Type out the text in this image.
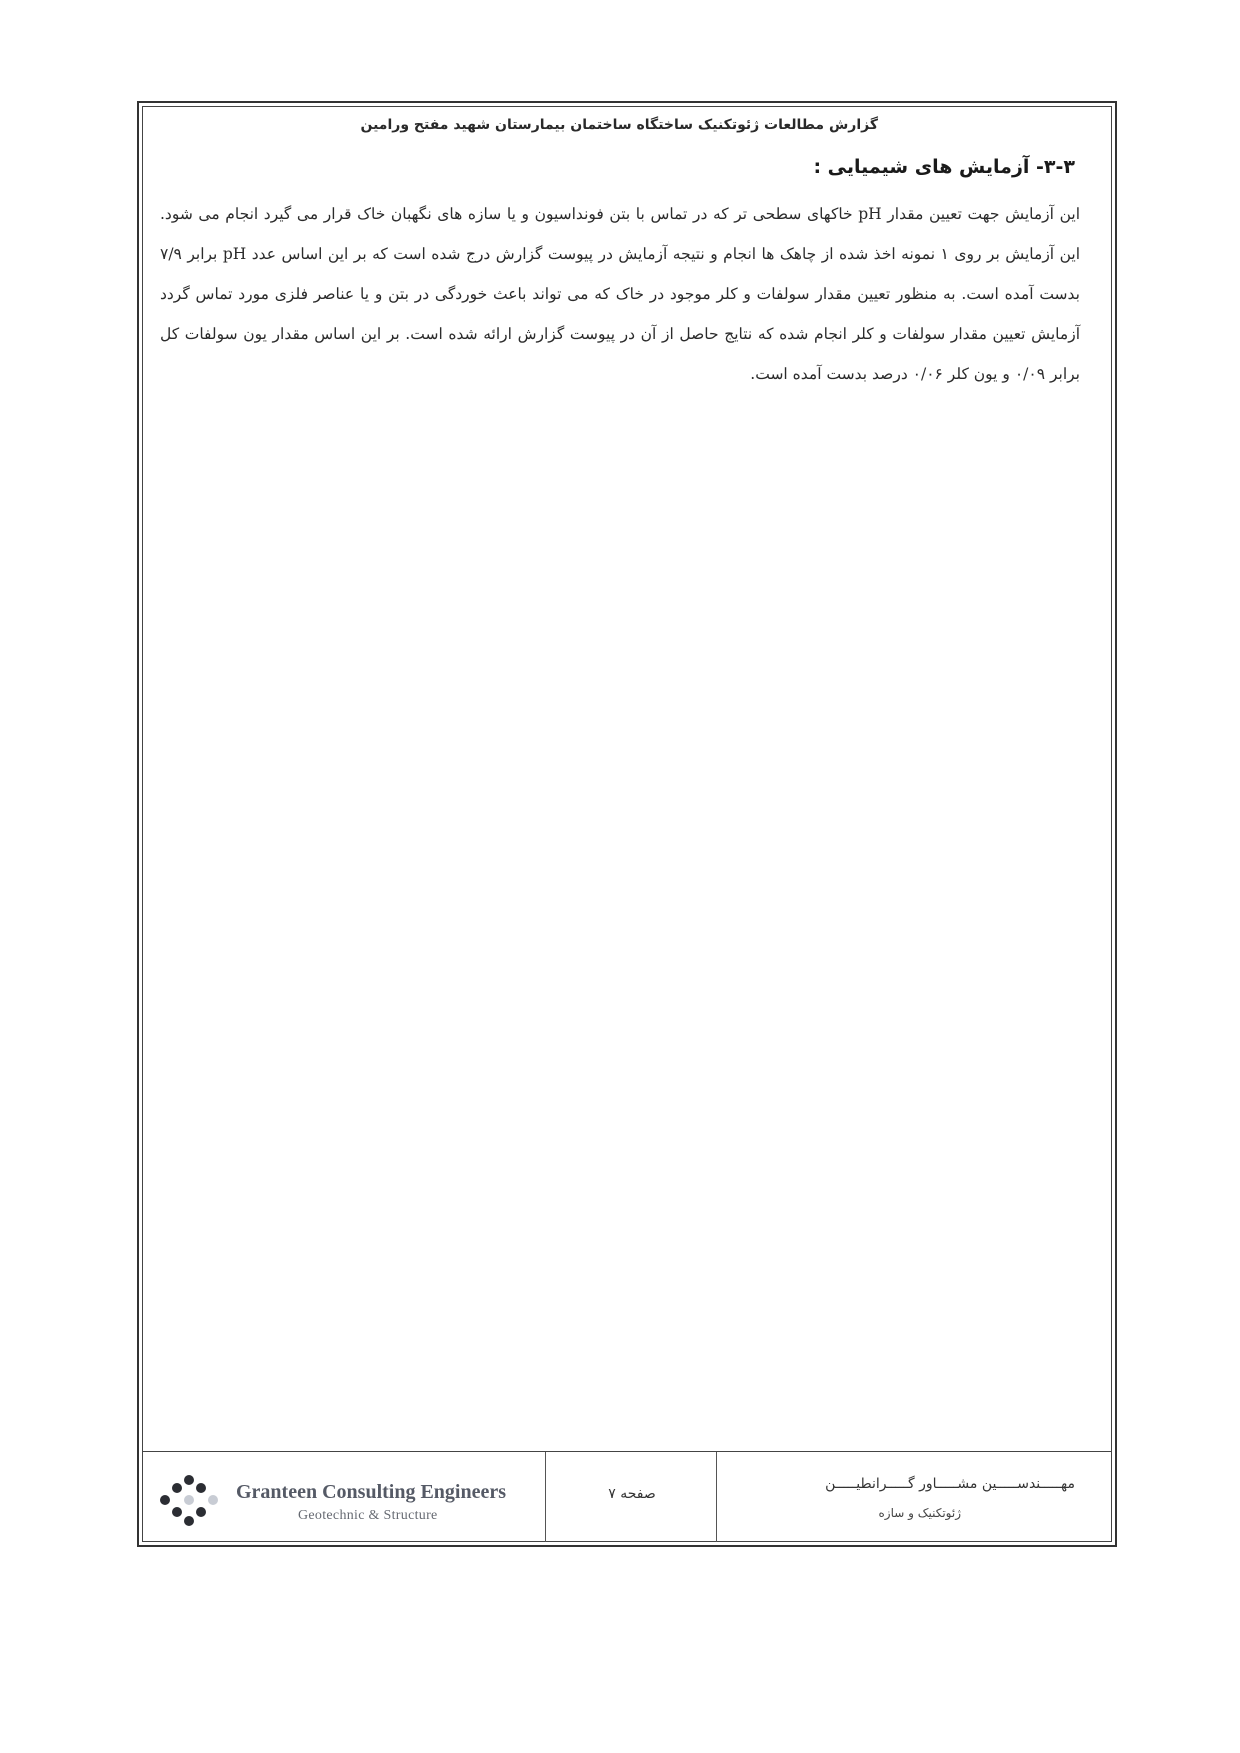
گزارش مطالعات ژئوتکنیک ساختگاه ساختمان بیمارستان شهید مفتح ورامین
۳-۳- آزمایش های شیمیایی :

این آزمایش جهت تعیین مقدار pH خاکهای سطحی تر که در تماس با بتن فونداسیون و یا سازه های نگهبان خاک قرار می گیرد انجام می شود. این آزمایش بر روی ۱ نمونه اخذ شده از چاهک ها انجام و نتیجه آزمایش در پیوست گزارش درج شده است که بر این اساس عدد pH برابر ۷/۹ بدست آمده است. به منظور تعیین مقدار سولفات و کلر موجود در خاک که می تواند باعث خوردگی در بتن و یا عناصر فلزی مورد تماس گردد آزمایش تعیین مقدار سولفات و کلر انجام شده که نتایج حاصل از آن در پیوست گزارش ارائه شده است. بر این اساس مقدار یون سولفات کل برابر ۰/۰۹ و یون کلر ۰/۰۶ درصد بدست آمده است.

Granteen Consulting Engineers
Geotechnic & Structure
صفحه ۷
مهـــــندســـــین مشـــــاور گـــــرانطیـــــن
ژئوتکنیک و سازه
